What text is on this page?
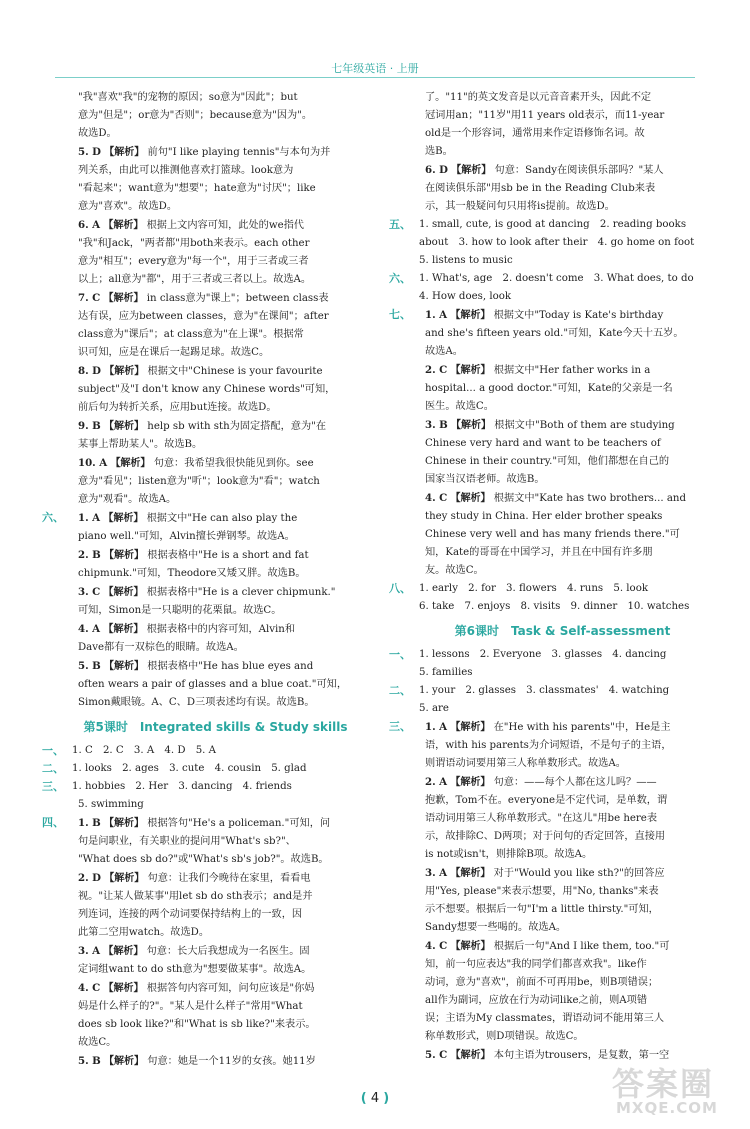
七年级英语 · 上册
"我"喜欢"我"的宠物的原因；so意为"因此"；but
意为"但是"；or意为"否则"；because意为"因为"。
故选D。
5. D 【解析】 前句"I like playing tennis"与本句为并
列关系，由此可以推测他喜欢打篮球。look意为
"看起来"；want意为"想要"；hate意为"讨厌"；like
意为"喜欢"。故选D。
6. A 【解析】 根据上文内容可知，此处的we指代
"我"和Jack，"两者都"用both来表示。each other
意为"相互"；every意为"每一个"，用于三者或三者
以上；all意为"都"，用于三者或三者以上。故选A。
7. C 【解析】 in class意为"课上"；between class表
达有误，应为between classes，意为"在课间"；after
class意为"课后"；at class意为"在上课"。根据常
识可知，应是在课后一起踢足球。故选C。
8. D 【解析】 根据文中"Chinese is your favourite
subject"及"I don't know any Chinese words"可知，
前后句为转折关系，应用but连接。故选D。
9. B 【解析】 help sb with sth为固定搭配，意为"在
某事上帮助某人"。故选B。
10. A 【解析】 句意：我希望我很快能见到你。see
意为"看见"；listen意为"听"；look意为"看"；watch
意为"观看"。故选A。
六、 1. A 【解析】 根据文中"He can also play the
piano well."可知，Alvin擅长弹钢琴。故选A。
2. B 【解析】 根据表格中"He is a short and fat
chipmunk."可知，Theodore又矮又胖。故选B。
3. C 【解析】 根据表格中"He is a clever chipmunk."
可知，Simon是一只聪明的花栗鼠。故选C。
4. A 【解析】 根据表格中的内容可知，Alvin和
Dave都有一双棕色的眼睛。故选A。
5. B 【解析】 根据表格中"He has blue eyes and
often wears a pair of glasses and a blue coat."可知，
Simon戴眼镜。A、C、D三项表述均有误。故选B。
第5课时　Integrated skills & Study skills
一、 1. C　2. C　3. A　4. D　5. A
二、 1. looks　2. ages　3. cute　4. cousin　5. glad
三、 1. hobbies　2. Her　3. dancing　4. friends
5. swimming
四、 1. B 【解析】 根据答句"He's a policeman."可知，问
句是问职业，有关职业的提问用"What's sb?"、
"What does sb do?"或"What's sb's job?"。故选B。
2. D 【解析】 句意：让我们今晚待在家里，看看电
视。"让某人做某事"用let sb do sth表示；and是并
列连词，连接的两个动词要保持结构上的一致，因
此第二空用watch。故选D。
3. A 【解析】 句意：长大后我想成为一名医生。固
定词组want to do sth意为"想要做某事"。故选A。
4. C 【解析】 根据答句内容可知，问句应该是"你妈
妈是什么样子的?"。"某人是什么样子"常用"What
does sb look like?"和"What is sb like?"来表示。
故选C。
5. B 【解析】 句意：她是一个11岁的女孩。她11岁
了。"11"的英文发音是以元音音素开头，因此不定
冠词用an；"11岁"用11 years old表示，而11-year
old是一个形容词，通常用来作定语修饰名词。故
选B。
6. D 【解析】 句意：Sandy在阅读俱乐部吗？"某人
在阅读俱乐部"用sb be in the Reading Club来表
示，其一般疑问句只用将is提前。故选D。
五、 1. small, cute, is good at dancing　2. reading books
about　3. how to look after their　4. go home on foot
5. listens to music
六、 1. What's, age　2. doesn't come　3. What does, to do
4. How does, look
七、 1. A 【解析】 根据文中"Today is Kate's birthday
and she's fifteen years old."可知，Kate今天十五岁。
故选A。
2. C 【解析】 根据文中"Her father works in a
hospital... a good doctor."可知，Kate的父亲是一名
医生。故选C。
3. B 【解析】 根据文中"Both of them are studying
Chinese very hard and want to be teachers of
Chinese in their country."可知，他们都想在自己的
国家当汉语老师。故选B。
4. C 【解析】 根据文中"Kate has two brothers... and
they study in China. Her elder brother speaks
Chinese very well and has many friends there."可
知，Kate的哥哥在中国学习，并且在中国有许多朋
友。故选C。
八、 1. early　2. for　3. flowers　4. runs　5. look
6. take　7. enjoys　8. visits　9. dinner　10. watches
第6课时　Task & Self-assessment
一、 1. lessons　2. Everyone　3. glasses　4. dancing
5. families
二、 1. your　2. glasses　3. classmates'　4. watching
5. are
三、 1. A 【解析】 在"He with his parents"中，He是主
语，with his parents为介词短语，不是句子的主语，
则谓语动词要用第三人称单数形式。故选A。
2. A 【解析】 句意：——每个人都在这儿吗？——
抱歉，Tom不在。everyone是不定代词，是单数，谓
语动词用第三人称单数形式。"在这儿"用be here表
示，故排除C、D两项；对于问句的否定回答，直接用
is not或isn't，则排除B项。故选A。
3. A 【解析】 对于"Would you like sth?"的回答应
用"Yes, please"来表示想要，用"No, thanks"来表
示不想要。根据后一句"I'm a little thirsty."可知，
Sandy想要一些喝的。故选A。
4. C 【解析】 根据后一句"And I like them, too."可
知，前一句应表达"我的同学们都喜欢我"。like作
动词，意为"喜欢"，前面不可再用be，则B项错误；
all作为副词，应放在行为动词like之前，则A项错
误；主语为My classmates，谓语动词不能用第三人
称单数形式，则D项错误。故选C。
5. C 【解析】 本句主语为trousers，是复数，第一空
( 4 )	答案圈
MXQE.COM
